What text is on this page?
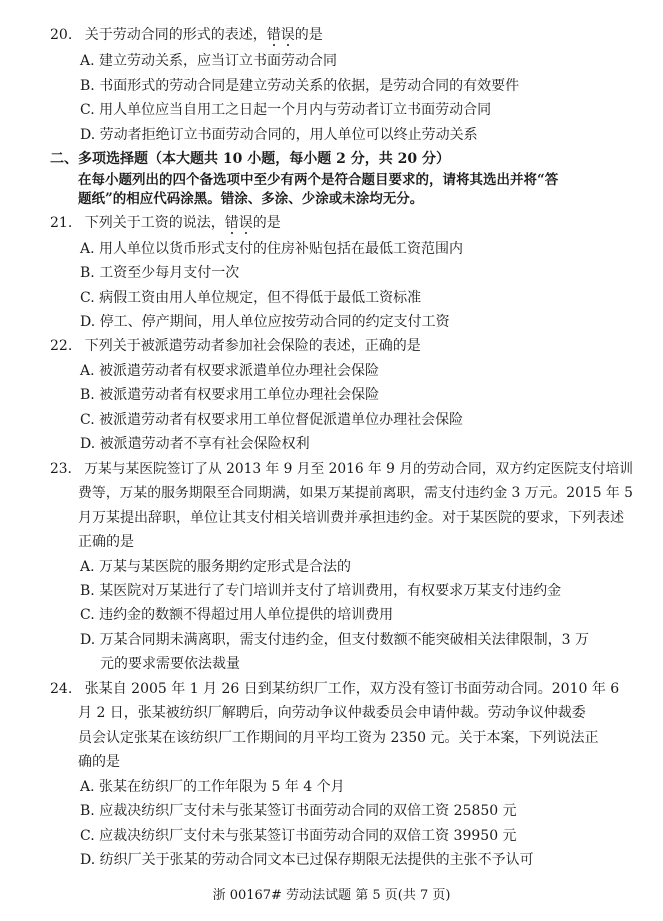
20. 关于劳动合同的形式的表述，错误的是
A. 建立劳动关系，应当订立书面劳动合同
B. 书面形式的劳动合同是建立劳动关系的依据，是劳动合同的有效要件
C. 用人单位应当自用工之日起一个月内与劳动者订立书面劳动合同
D. 劳动者拒绝订立书面劳动合同的，用人单位可以终止劳动关系
二、多项选择题（本大题共 10 小题，每小题 2 分，共 20 分）
在每小题列出的四个备选项中至少有两个是符合题目要求的，请将其选出并将“答
题纸”的相应代码涂黑。错涂、多涂、少涂或未涂均无分。
21. 下列关于工资的说法，错误的是
A. 用人单位以货币形式支付的住房补贴包括在最低工资范围内
B. 工资至少每月支付一次
C. 病假工资由用人单位规定，但不得低于最低工资标准
D. 停工、停产期间，用人单位应按劳动合同的约定支付工资
22. 下列关于被派遣劳动者参加社会保险的表述，正确的是
A. 被派遣劳动者有权要求派遣单位办理社会保险
B. 被派遣劳动者有权要求用工单位办理社会保险
C. 被派遣劳动者有权要求用工单位督促派遣单位办理社会保险
D. 被派遣劳动者不享有社会保险权利
23. 万某与某医院签订了从 2013 年 9 月至 2016 年 9 月的劳动合同，双方约定医院支付培训
费等，万某的服务期限至合同期满，如果万某提前离职，需支付违约金 3 万元。2015 年 5
月万某提出辞职，单位让其支付相关培训费并承担违约金。对于某医院的要求，下列表述
正确的是
A. 万某与某医院的服务期约定形式是合法的
B. 某医院对万某进行了专门培训并支付了培训费用，有权要求万某支付违约金
C. 违约金的数额不得超过用人单位提供的培训费用
D. 万某合同期未满离职，需支付违约金，但支付数额不能突破相关法律限制，3 万
元的要求需要依法裁量
24. 张某自 2005 年 1 月 26 日到某纺织厂工作，双方没有签订书面劳动合同。2010 年 6
月 2 日，张某被纺织厂解聘后，向劳动争议仲裁委员会申请仲裁。劳动争议仲裁委
员会认定张某在该纺织厂工作期间的月平均工资为 2350 元。关于本案，下列说法正
确的是
A. 张某在纺织厂的工作年限为 5 年 4 个月
B. 应裁决纺织厂支付未与张某签订书面劳动合同的双倍工资 25850 元
C. 应裁决纺织厂支付未与张某签订书面劳动合同的双倍工资 39950 元
D. 纺织厂关于张某的劳动合同文本已过保存期限无法提供的主张不予认可
浙 00167# 劳动法试题 第 5 页(共 7 页)
